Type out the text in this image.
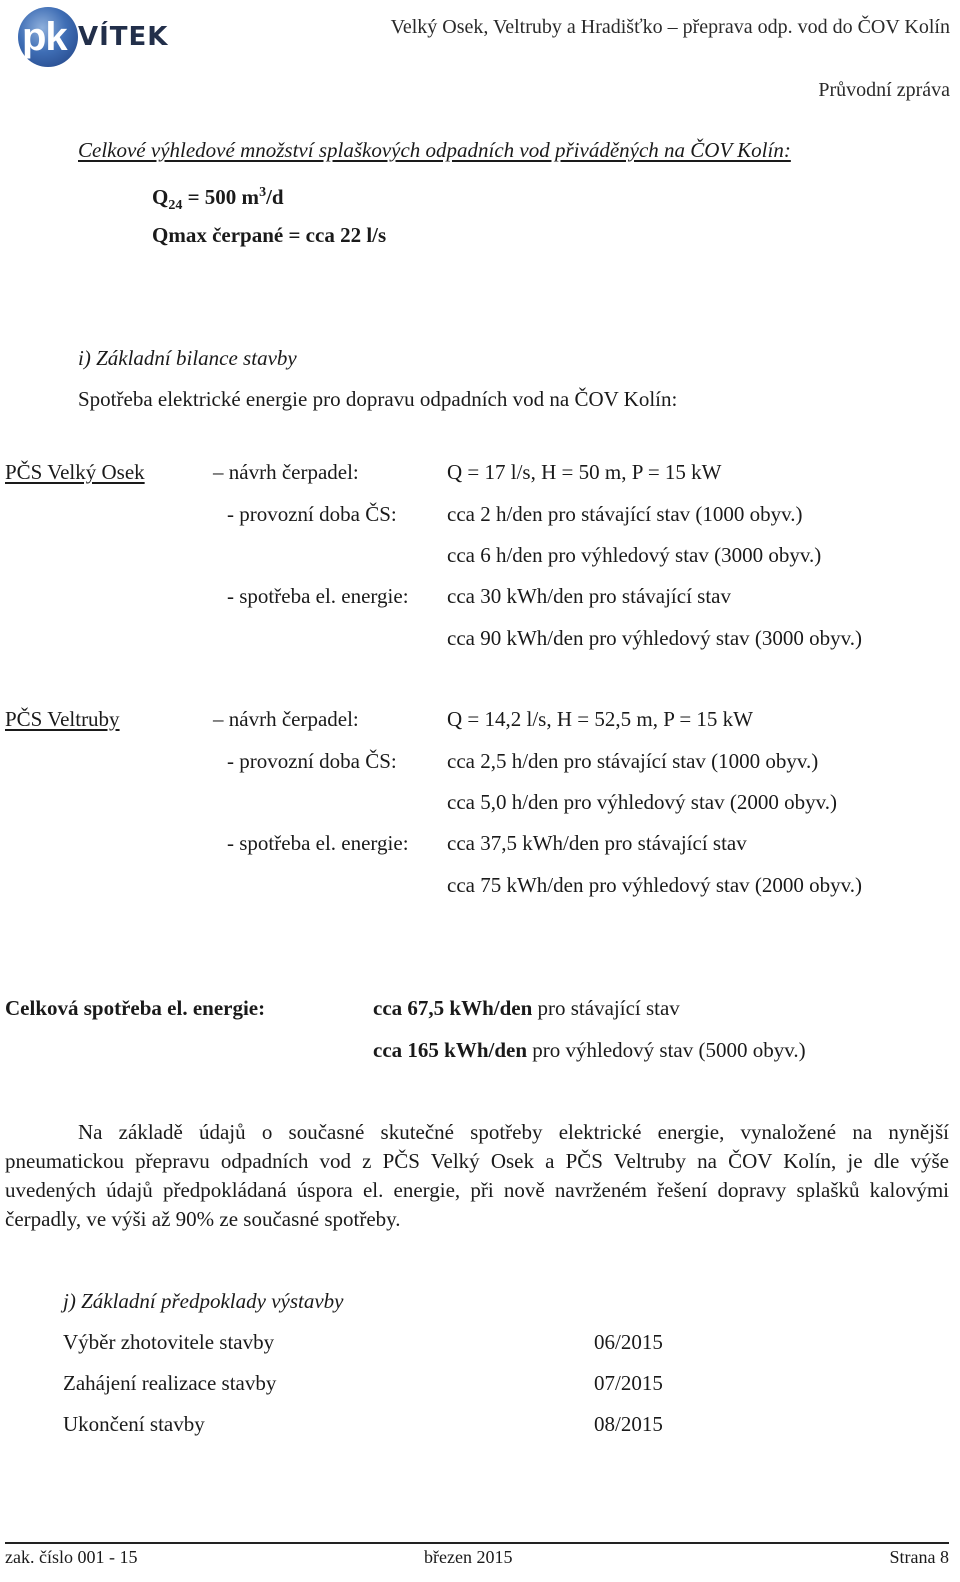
pk VÍTEK	Velký Osek, Veltruby a Hradišťko – přeprava odp. vod do ČOV Kolín
Průvodní zpráva
Celkové výhledové množství splaškových odpadních vod přiváděných na ČOV Kolín:
$Q_{24} = 500$ $m^3/d$
Qmax čerpané = cca 22 l/s
i) Základní bilance stavby
Spotřeba elektrické energie pro dopravu odpadních vod na ČOV Kolín:
PČS Velký Osek	– návrh čerpadel:	Q = 17 l/s, H = 50 m, P = 15 kW
- provozní doba ČS: cca 2 h/den pro stávající stav (1000 obyv.)
cca 6 h/den pro výhledový stav (3000 obyv.)
- spotřeba el. energie: cca 30 kWh/den pro stávající stav
cca 90 kWh/den pro výhledový stav (3000 obyv.)
PČS Veltruby	– návrh čerpadel:	Q = 14,2 l/s, H = 52,5 m, P = 15 kW
- provozní doba ČS: cca 2,5 h/den pro stávající stav (1000 obyv.)
cca 5,0 h/den pro výhledový stav (2000 obyv.)
- spotřeba el. energie: cca 37,5 kWh/den pro stávající stav
cca 75 kWh/den pro výhledový stav (2000 obyv.)
Celková spotřeba el. energie:	cca 67,5 kWh/den pro stávající stav
cca 165 kWh/den pro výhledový stav (5000 obyv.)

Na základě údajů o současné skutečné spotřeby elektrické energie, vynaložené na nynější pneumatickou přepravu odpadních vod z PČS Velký Osek a PČS Veltruby na ČOV Kolín, je dle výše uvedených údajů předpokládaná úspora el. energie, při nově navrženém řešení dopravy splašků kalovými čerpadly, ve výši až 90% ze současné spotřeby.

j) Základní předpoklady výstavby
Výběr zhotovitele stavby	06/2015
Zahájení realizace stavby	07/2015
Ukončení stavby	08/2015
zak. číslo 001 - 15	březen 2015	Strana 8
